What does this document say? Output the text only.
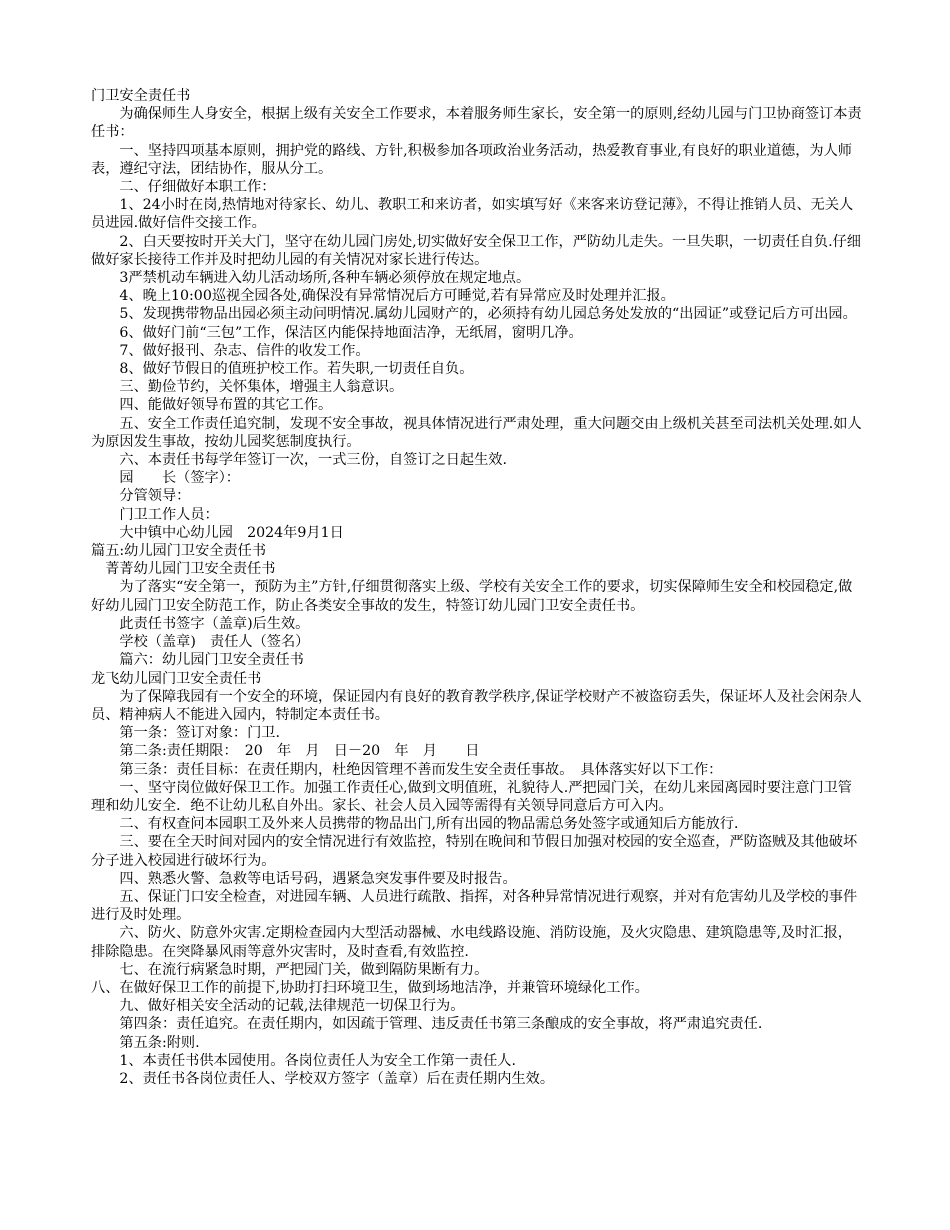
门卫安全责任书

　　为确保师生人身安全，根据上级有关安全工作要求，本着服务师生家长，安全第一的原则,经幼儿园与门卫协商签订本责任书：

　　一、坚持四项基本原则，拥护党的路线、方针,积极参加各项政治业务活动，热爱教育事业,有良好的职业道德，为人师表，遵纪守法，团结协作，服从分工。

　　二、仔细做好本职工作：

　　1、24小时在岗,热情地对待家长、幼儿、教职工和来访者，如实填写好《来客来访登记薄》，不得让推销人员、无关人员进园.做好信件交接工作。

　　2、白天要按时开关大门，坚守在幼儿园门房处,切实做好安全保卫工作，严防幼儿走失。一旦失职，一切责任自负.仔细做好家长接待工作并及时把幼儿园的有关情况对家长进行传达。

　　3严禁机动车辆进入幼儿活动场所,各种车辆必须停放在规定地点。

　　4、晚上10:00巡视全园各处,确保没有异常情况后方可睡觉,若有异常应及时处理并汇报。

　　5、发现携带物品出园必须主动问明情况.属幼儿园财产的，必须持有幼儿园总务处发放的“出园证”或登记后方可出园。

　　6、做好门前“三包”工作，保洁区内能保持地面洁净，无纸屑，窗明几净。

　　7、做好报刊、杂志、信件的收发工作。

　　8、做好节假日的值班护校工作。若失职,一切责任自负。

　　三、勤俭节约，关怀集体，增强主人翁意识。

　　四、能做好领导布置的其它工作。

　　五、安全工作责任追究制，发现不安全事故，视具体情况进行严肃处理，重大问题交由上级机关甚至司法机关处理.如人为原因发生事故，按幼儿园奖惩制度执行。

　　六、本责任书每学年签订一次，一式三份，自签订之日起生效.

　　园　　长（签字）：

　　分管领导：

　　门卫工作人员：

　　大中镇中心幼儿园　2024年9月1日

篇五:幼儿园门卫安全责任书

　菁菁幼儿园门卫安全责任书

　　为了落实“安全第一，预防为主”方针,仔细贯彻落实上级、学校有关安全工作的要求，切实保障师生安全和校园稳定,做好幼儿园门卫安全防范工作，防止各类安全事故的发生，特签订幼儿园门卫安全责任书。

　　此责任书签字（盖章)后生效。

　　学校（盖章)　责任人（签名）

　　篇六：幼儿园门卫安全责任书

龙飞幼儿园门卫安全责任书

　　为了保障我园有一个安全的环境，保证园内有良好的教育教学秩序,保证学校财产不被盗窃丢失，保证坏人及社会闲杂人员、精神病人不能进入园内，特制定本责任书。

　　第一条：签订对象：门卫.

　　第二条:责任期限：　20　年　月　日－20　年　月　　日

　　第三条：责任目标：在责任期内，杜绝因管理不善而发生安全责任事故。　具体落实好以下工作：

　　一、坚守岗位做好保卫工作。加强工作责任心,做到文明值班，礼貌待人.严把园门关，在幼儿来园离园时要注意门卫管理和幼儿安全．绝不让幼儿私自外出。家长、社会人员入园等需得有关领导同意后方可入内。

　　二、有权查问本园职工及外来人员携带的物品出门,所有出园的物品需总务处签字或通知后方能放行．

　　三、要在全天时间对园内的安全情况进行有效监控，特别在晚间和节假日加强对校园的安全巡查，严防盗贼及其他破坏分子进入校园进行破坏行为。

　　四、熟悉火警、急救等电话号码，遇紧急突发事件要及时报告。

　　五、保证门口安全检查，对进园车辆、人员进行疏散、指挥，对各种异常情况进行观察，并对有危害幼儿及学校的事件进行及时处理。

　　六、防火、防意外灾害.定期检查园内大型活动器械、水电线路设施、消防设施，及火灾隐患、建筑隐患等,及时汇报，排除隐患。在突降暴风雨等意外灾害时，及时查看,有效监控.

　　七、在流行病紧急时期，严把园门关，做到隔防果断有力。

八、在做好保卫工作的前提下,协助打扫环境卫生，做到场地洁净，并兼管环境绿化工作。

　　九、做好相关安全活动的记载,法律规范一切保卫行为。

　　第四条：责任追究。在责任期内，如因疏于管理、违反责任书第三条酿成的安全事故，将严肃追究责任.

　　第五条:附则.

　　1、本责任书供本园使用。各岗位责任人为安全工作第一责任人.

　　2、责任书各岗位责任人、学校双方签字（盖章）后在责任期内生效。
